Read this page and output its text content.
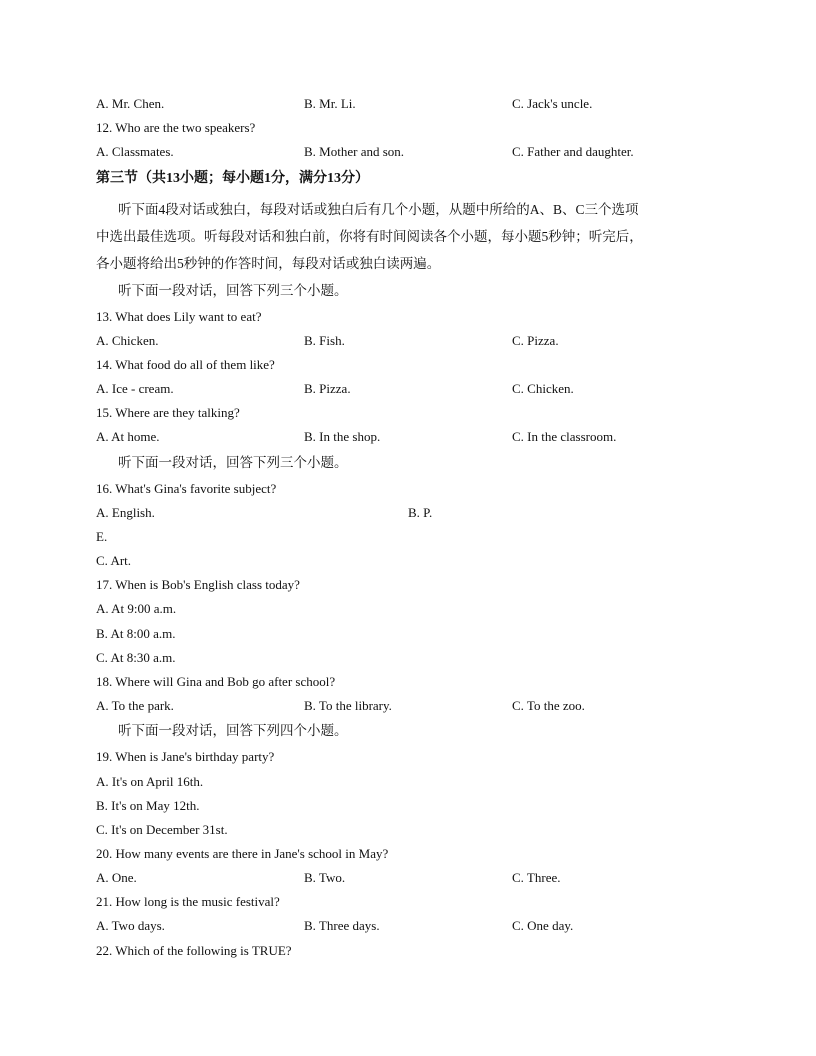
A. Mr. Chen.	B. Mr. Li.	C. Jack's uncle.
12. Who are the two speakers?
A. Classmates.	B. Mother and son.	C. Father and daughter.
第三节（共13小题；每小题1分，满分13分）

听下面4段对话或独白，每段对话或独白后有几个小题，从题中所给的A、B、C三个选项

中选出最佳选项。听每段对话和独白前，你将有时间阅读各个小题，每小题5秒钟；听完后，

各小题将给出5秒钟的作答时间，每段对话或独白读两遍。

听下面一段对话，回答下列三个小题。
13. What does Lily want to eat?
A. Chicken.	B. Fish.	C. Pizza.
14. What food do all of them like?
A. Ice - cream.	B. Pizza.	C. Chicken.
15. Where are they talking?
A. At home.	B. In the shop.	C. In the classroom.
听下面一段对话，回答下列三个小题。
16. What's Gina's favorite subject?
A. English.	B. P.
E.
C. Art.
17. When is Bob's English class today?
A. At 9:00 a.m.
B. At 8:00 a.m.
C. At 8:30 a.m.
18. Where will Gina and Bob go after school?
A. To the park.	B. To the library.	C. To the zoo.
听下面一段对话，回答下列四个小题。
19. When is Jane's birthday party?
A. It's on April 16th.
B. It's on May 12th.
C. It's on December 31st.
20. How many events are there in Jane's school in May?
A. One.	B. Two.	C. Three.
21. How long is the music festival?
A. Two days.	B. Three days.	C. One day.
22. Which of the following is TRUE?
